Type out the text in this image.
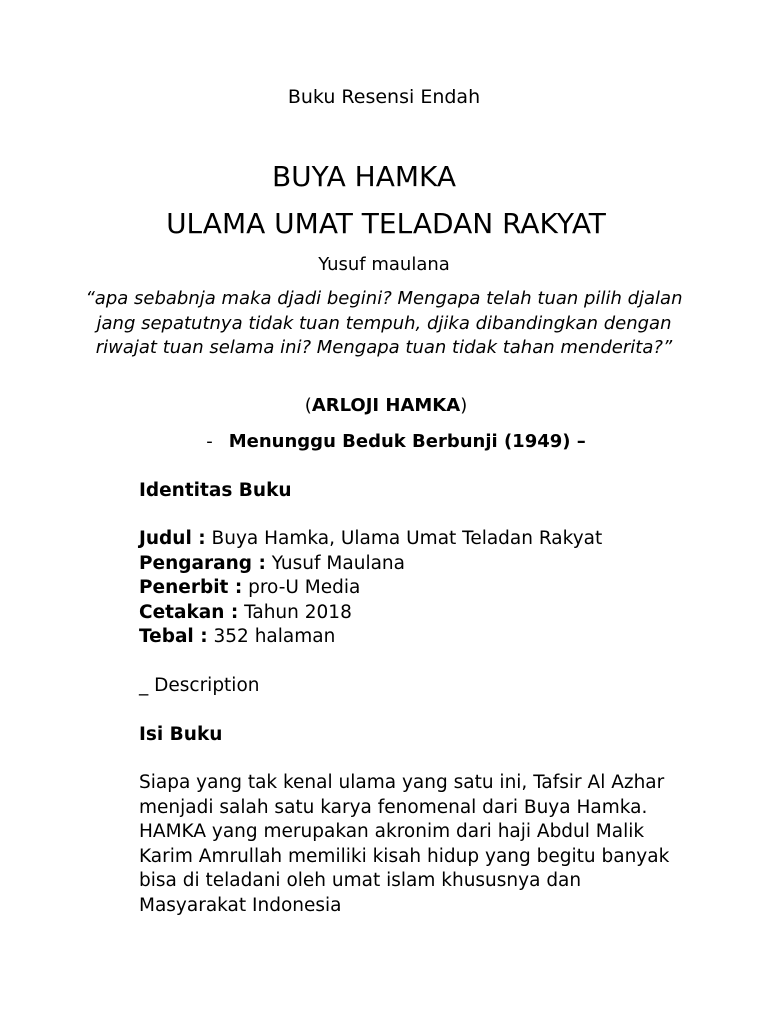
Buku Resensi Endah
BUYA HAMKA
ULAMA UMAT TELADAN RAKYAT
Yusuf maulana
“apa sebabnja maka djadi begini? Mengapa telah tuan pilih djalan jang sepatutnya tidak tuan tempuh, djika dibandingkan dengan riwajat tuan selama ini? Mengapa tuan tidak tahan menderita?”
(ARLOJI HAMKA)
- Menunggu Beduk Berbunji (1949) –
Identitas Buku
Judul : Buya Hamka, Ulama Umat Teladan Rakyat
Pengarang : Yusuf Maulana
Penerbit : pro-U Media
Cetakan : Tahun 2018
Tebal : 352 halaman
_ Description
Isi Buku
Siapa yang tak kenal ulama yang satu ini, Tafsir Al Azhar menjadi salah satu karya fenomenal dari Buya Hamka. HAMKA yang merupakan akronim dari haji Abdul Malik Karim Amrullah memiliki kisah hidup yang begitu banyak bisa di teladani oleh umat islam khususnya dan Masyarakat Indonesia
